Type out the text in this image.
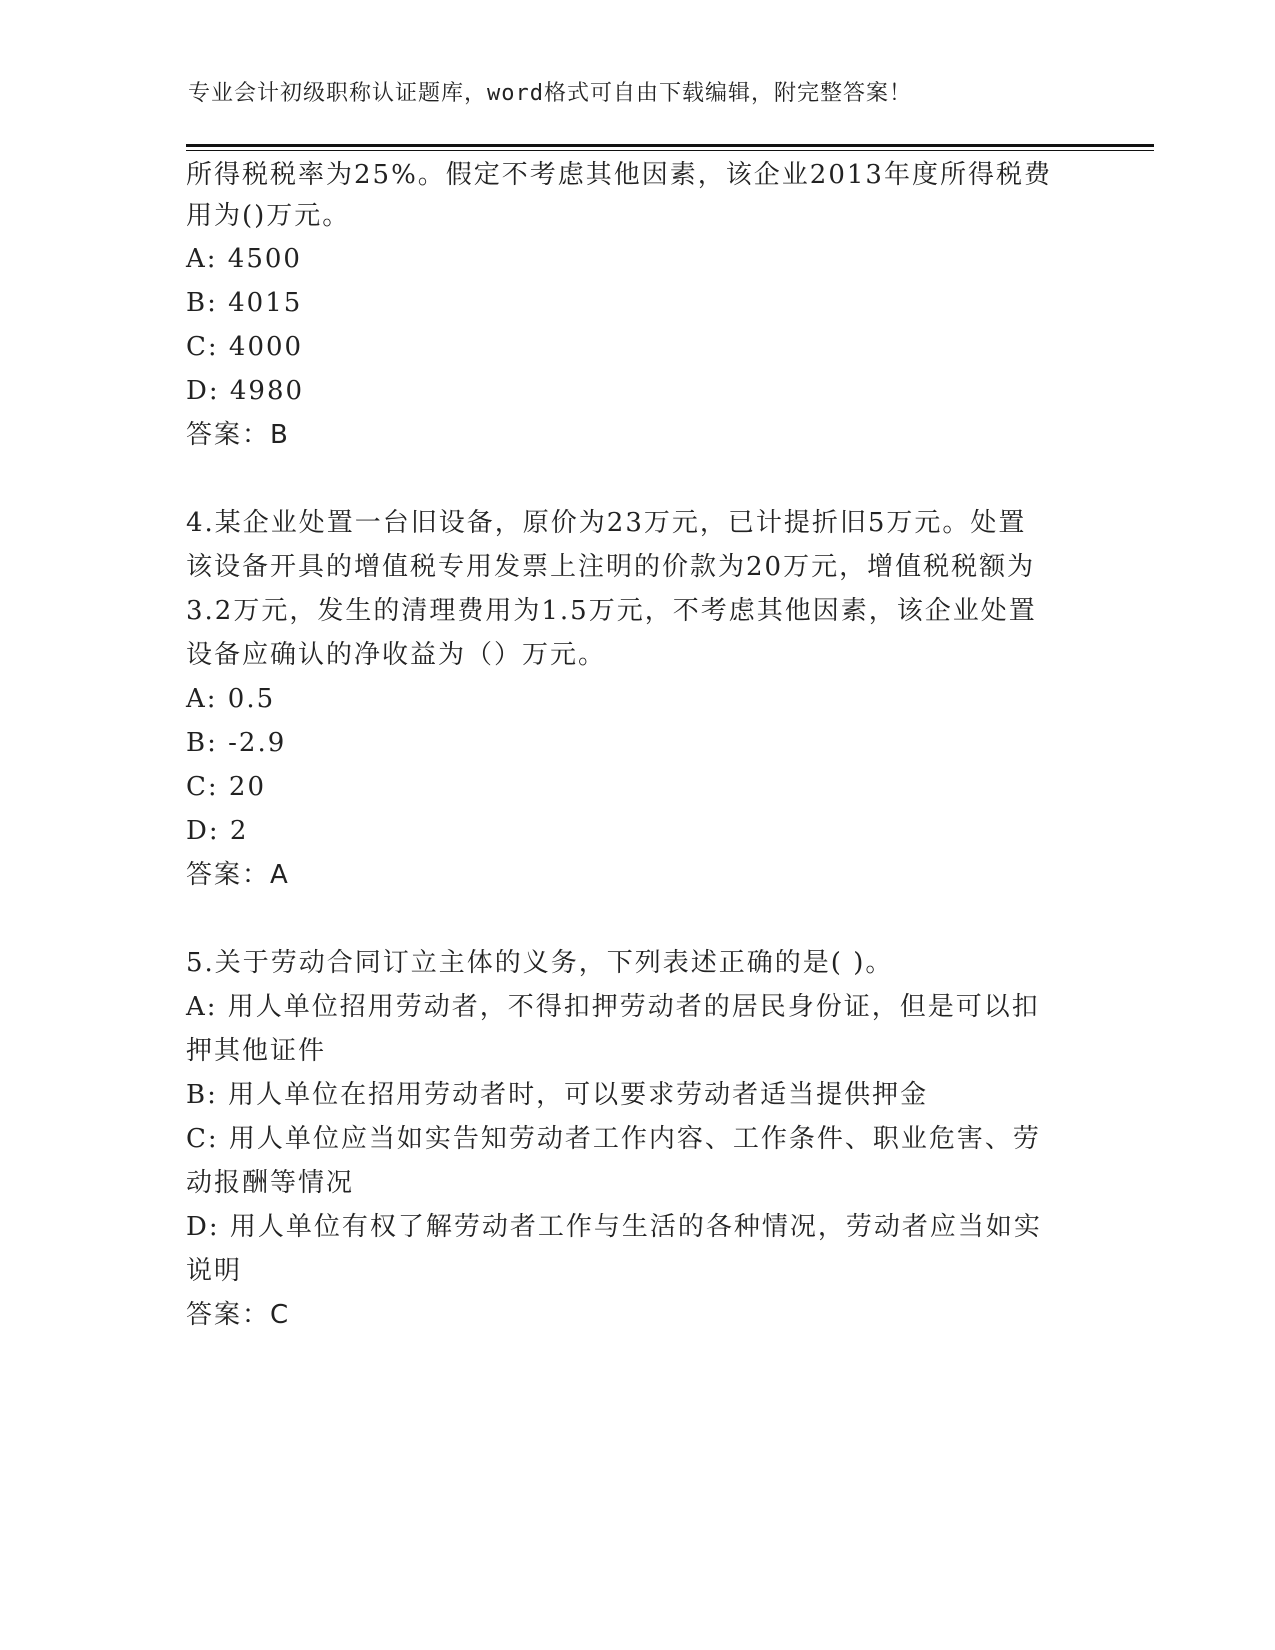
专业会计初级职称认证题库，word格式可自由下载编辑，附完整答案！
所得税税率为25%。假定不考虑其他因素，该企业2013年度所得税费
用为()万元。
A: 4500
B: 4015
C: 4000
D: 4980
答案：B
4.某企业处置一台旧设备，原价为23万元，已计提折旧5万元。处置
该设备开具的增值税专用发票上注明的价款为20万元，增值税税额为
3.2万元，发生的清理费用为1.5万元，不考虑其他因素，该企业处置
设备应确认的净收益为（）万元。
A: 0.5
B: -2.9
C: 20
D: 2
答案：A
5.关于劳动合同订立主体的义务，下列表述正确的是( )。
A: 用人单位招用劳动者，不得扣押劳动者的居民身份证，但是可以扣
押其他证件
B: 用人单位在招用劳动者时，可以要求劳动者适当提供押金
C: 用人单位应当如实告知劳动者工作内容、工作条件、职业危害、劳
动报酬等情况
D: 用人单位有权了解劳动者工作与生活的各种情况，劳动者应当如实
说明
答案：C
